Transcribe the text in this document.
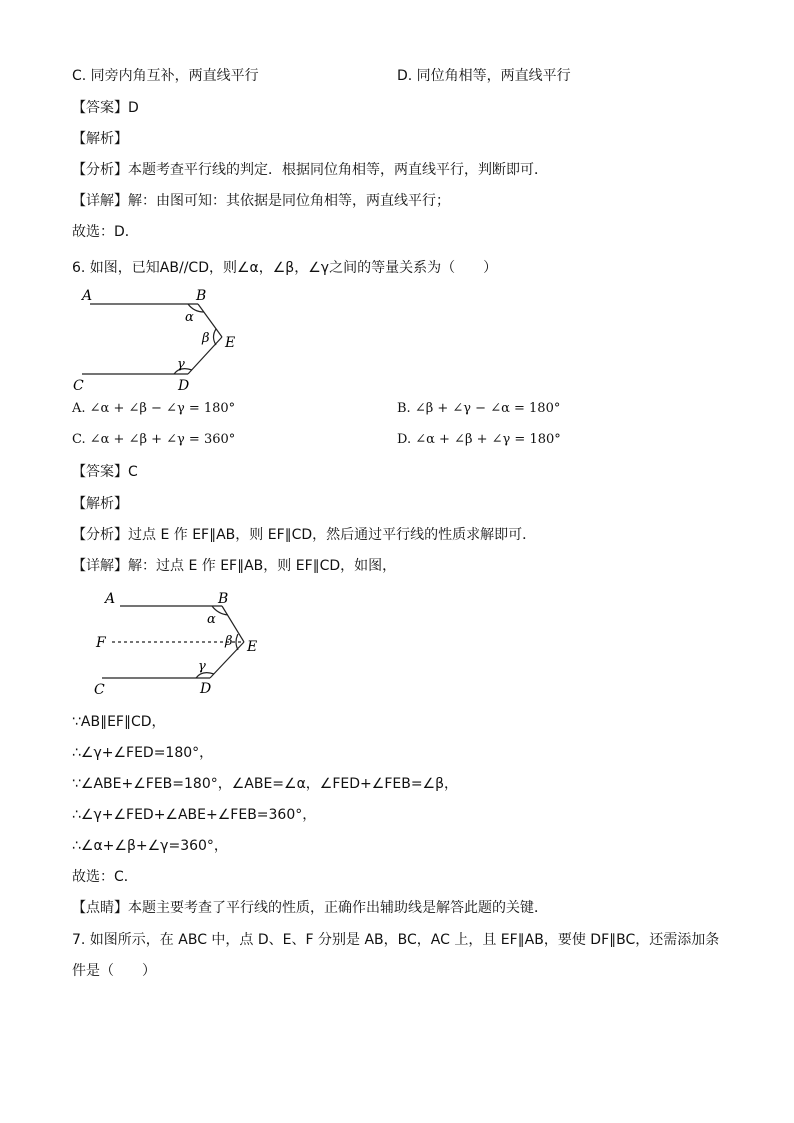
C. 同旁内角互补，两直线平行	D. 同位角相等，两直线平行
【答案】D
【解析】
【分析】本题考查平行线的判定．根据同位角相等，两直线平行，判断即可．
【详解】解：由图可知：其依据是同位角相等，两直线平行；
故选：D．
6. 如图，已知AB//CD，则∠α，∠β，∠γ之间的等量关系为（　　）
A	B
α
β E
γ
C	D
A. ∠α + ∠β − ∠γ = 180°	B. ∠β + ∠γ − ∠α = 180°
C. ∠α + ∠β + ∠γ = 360°	D. ∠α + ∠β + ∠γ = 180°
【答案】C
【解析】
【分析】过点 E 作 EF∥AB，则 EF∥CD，然后通过平行线的性质求解即可．
【详解】解：过点 E 作 EF∥AB，则 EF∥CD，如图，
A	B
α
F	β E
γ
C	D
∵AB∥EF∥CD，
∴∠γ+∠FED=180°，
∵∠ABE+∠FEB=180°，∠ABE=∠α，∠FED+∠FEB=∠β，
∴∠γ+∠FED+∠ABE+∠FEB=360°，
∴∠α+∠β+∠γ=360°，
故选：C．
【点睛】本题主要考查了平行线的性质，正确作出辅助线是解答此题的关键．
7. 如图所示，在 ABC 中，点 D、E、F 分别是 AB，BC，AC 上，且 EF∥AB，要使 DF∥BC，还需添加条
件是（　　）
